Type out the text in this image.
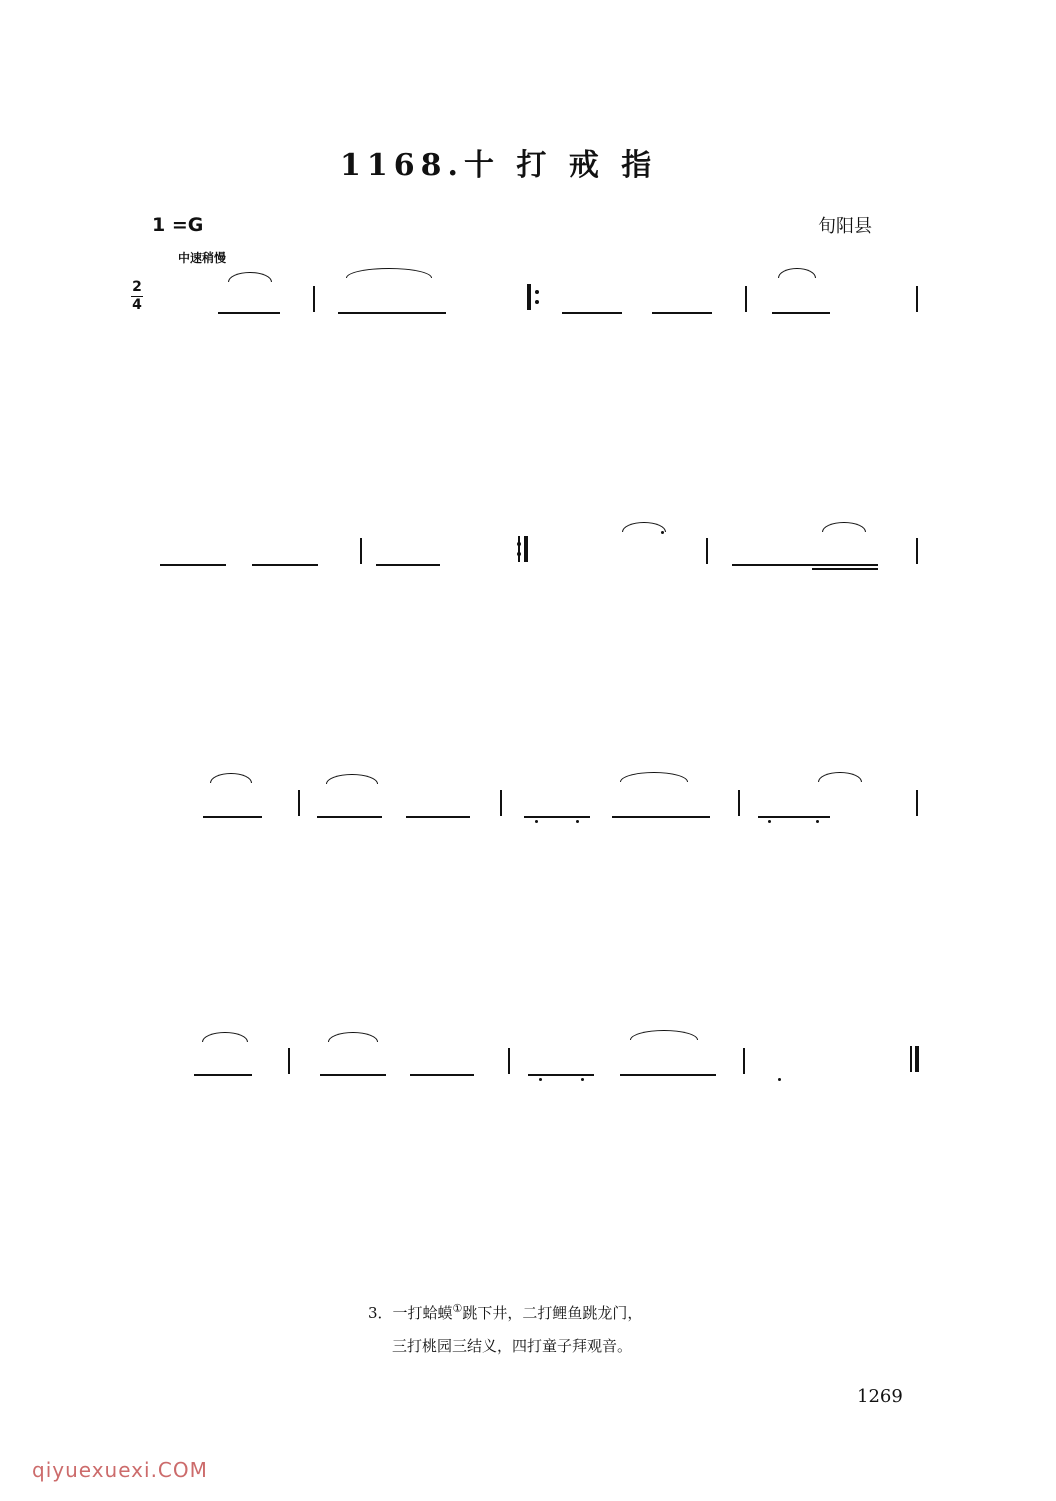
1168.十 打 戒 指
1 =G	旬阳县
中速稍慢
2
4
3．一打蛤蟆①跳下井，二打鲤鱼跳龙门，
三打桃园三结义，四打童子拜观音。
1269
qiyuexuexi.COM
